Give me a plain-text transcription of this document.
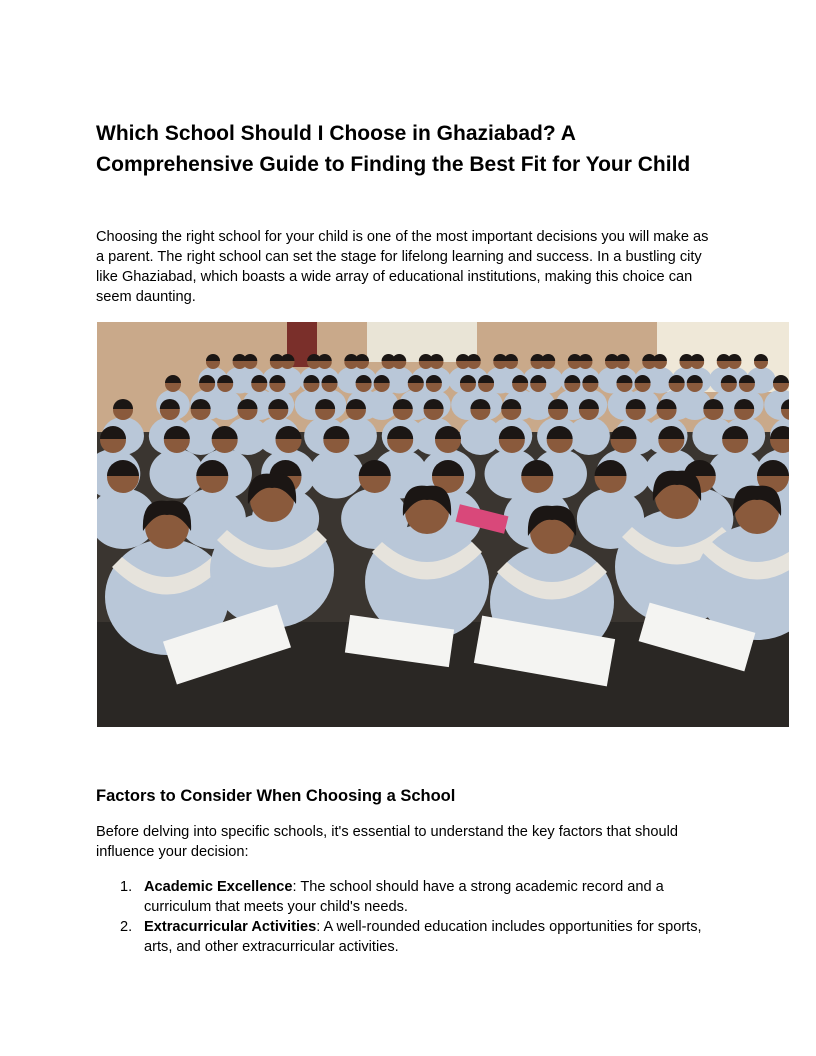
Which School Should I Choose in Ghaziabad? A Comprehensive Guide to Finding the Best Fit for Your Child

Choosing the right school for your child is one of the most important decisions you will make as a parent. The right school can set the stage for lifelong learning and success. In a bustling city like Ghaziabad, which boasts a wide array of educational institutions, making this choice can seem daunting.

Factors to Consider When Choosing a School

Before delving into specific schools, it's essential to understand the key factors that should influence your decision:

1. Academic Excellence: The school should have a strong academic record and a curriculum that meets your child's needs.
2. Extracurricular Activities: A well-rounded education includes opportunities for sports, arts, and other extracurricular activities.
